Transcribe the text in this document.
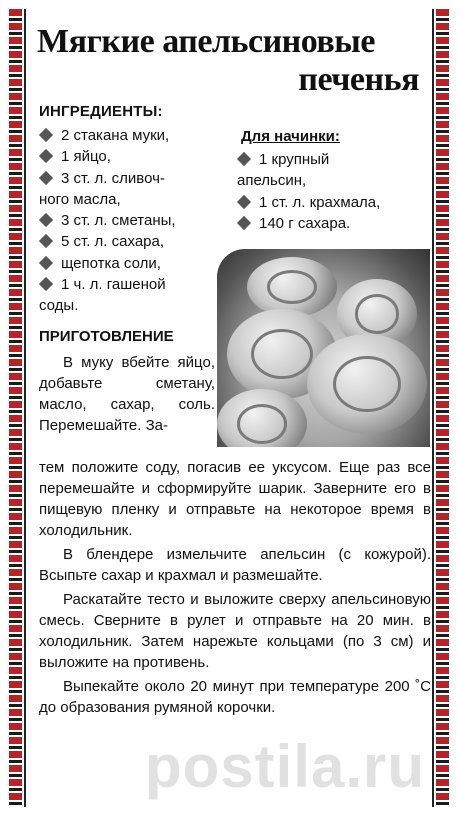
Мягкие апельсиновые
печенья
ИНГРЕДИЕНТЫ:
2 стакана муки,
1 яйцо,
3 ст. л. сливоч-
ного масла,
3 ст. л. сметаны,
5 ст. л. сахара,
щепотка соли,
1 ч. л. гашеной
соды.
Для начинки:
1 крупный
апельсин,
1 ст. л. крахмала,
140 г сахара.
ПРИГОТОВЛЕНИЕ

В муку вбейте яйцо, добавьте сметану, масло, сахар, соль. Перемешайте. За-

тем положите соду, погасив ее уксусом. Еще раз все перемешайте и сформируйте шарик. Заверните его в пищевую пленку и отправьте на некоторое время в холодильник.

В блендере измельчите апельсин (с кожурой). Всыпьте сахар и крахмал и размешайте.

Раскатайте тесто и выложите сверху апельсиновую смесь. Сверните в рулет и отправьте на 20 мин. в холодильник. Затем нарежьте кольцами (по 3 см) и выложите на противень.

Выпекайте около 20 минут при температуре 200 ˚С до образования румяной корочки.

postila.ru
